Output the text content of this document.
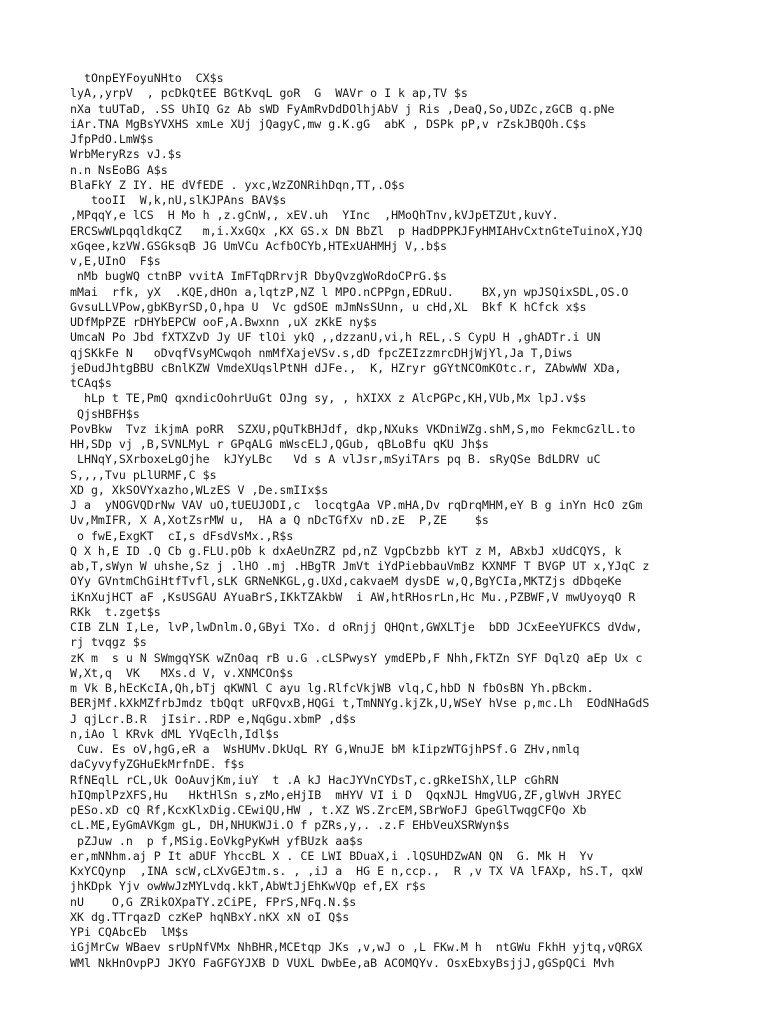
tOnpEYFoyuNHto  CX$s
lyA,,yrpV  , pcDkQtEE BGtKvqL goR  G  WAVr o I k ap,TV $s
nXa tuUTaD, .SS UhIQ Gz Ab sWD FyAmRvDdDOlhjAbV j Ris ,DeaQ,So,UDZc,zGCB q.pNe
iAr.TNA MgBsYVXHS xmLe XUj jQagyC,mw g.K.gG  abK , DSPk pP,v rZskJBQOh.C$s
JfpPdO.LmW$s
WrbMeryRzs vJ.$s
n.n NsEoBG A$s
BlaFkY Z IY. HE dVfEDE . yxc,WzZONRihDqn,TT,.O$s
tooII  W,k,nU,slKJPAns BAV$s
,MPqqY,e lCS  H Mo h ,z.gCnW,, xEV.uh  YInc  ,HMoQhTnv,kVJpETZUt,kuvY.
ERCSwWLpqqldkqCZ   m,i.XxGQx ,KX GS.x DN BbZl  p HadDPPKJFyHMIAHvCxtnGteTuinoX,YJQ
xGqee,kzVW.GSGksqB JG UmVCu AcfbOCYb,HTExUAHMHj V,.b$s
v,E,UInO  F$s
nMb bugWQ ctnBP vvitA ImFTqDRrvjR DbyQvzgWoRdoCPrG.$s
mMai  rfk, yX  .KQE,dHOn a,lqtzP,NZ l MPO.nCPPgn,EDRuU.    BX,yn wpJSQixSDL,OS.O
GvsuLLVPow,gbKByrSD,O,hpa U  Vc gdSOE mJmNsSUnn, u cHd,XL  Bkf K hCfck x$s
UDfMpPZE rDHYbEPCW ooF,A.Bwxnn ,uX zKkE ny$s
UmcaN Po Jbd fXTXZvD Jy UF tlOi ykQ ,,dzzanU,vi,h REL,.S CypU H ,ghADTr.i UN
qjSKkFe N   oDvqfVsyMCwqoh nmMfXajeVSv.s,dD fpcZEIzzmrcDHjWjYl,Ja T,Diws
jeDudJhtgBBU cBnlKZW VmdeXUqslPtNH dJFe.,  K, HZryr gGYtNCOmKOtc.r, ZAbwWW XDa,
tCAq$s
hLp t TE,PmQ qxndicOohrUuGt OJng sy, , hXIXX z AlcPGPc,KH,VUb,Mx lpJ.v$s
QjsHBFH$s
PovBkw  Tvz ikjmA poRR  SZXU,pQuTkBHJdf, dkp,NXuks VKDniWZg.shM,S,mo FekmcGzlL.to
HH,SDp vj ,B,SVNLMyL r GPqALG mWscELJ,QGub, qBLoBfu qKU Jh$s
LHNqY,SXrboxeLgOjhe  kJYyLBc   Vd s A vlJsr,mSyiTArs pq B. sRyQSe BdLDRV uC
S,,,,Tvu pLlURMF,C $s
XD g, XkSOVYxazho,WLzES V ,De.smIIx$s
J a  yNOGVQDrNw VAV uO,tUEUJODI,c  locqtgAa VP.mHA,Dv rqDrqMHM,eY B g inYn HcO zGm
Uv,MmIFR, X A,XotZsrMW u,  HA a Q nDcTGfXv nD.zE  P,ZE    $s
o fwE,ExgKT  cI,s dFsdVsMx.,R$s
Q X h,E ID .Q Cb g.FLU.pOb k dxAeUnZRZ pd,nZ VgpCbzbb kYT z M, ABxbJ xUdCQYS, k
ab,T,sWyn W uhshe,Sz j .lHO .mj .HBgTR JmVt iYdPiebbauVmBz KXNMF T BVGP UT x,YJqC z
OYy GVntmChGiHtfTvfl,sLK GRNeNKGL,g.UXd,cakvaeM dysDE w,Q,BgYCIa,MKTZjs dDbqeKe
iKnXujHCT aF ,KsUSGAU AYuaBrS,IKkTZAkbW  i AW,htRHosrLn,Hc Mu.,PZBWF,V mwUyoyqO R
RKk  t.zget$s
CIB ZLN I,Le, lvP,lwDnlm.O,GByi TXo. d oRnjj QHQnt,GWXLTje  bDD JCxEeeYUFKCS dVdw,
rj tvqgz $s
zK m  s u N SWmgqYSK wZnOaq rB u.G .cLSPwysY ymdEPb,F Nhh,FkTZn SYF DqlzQ aEp Ux c
W,Xt,q  VK   MXs.d V, v.XNMCOn$s
m Vk B,hEcKcIA,Qh,bTj qKWNl C ayu lg.RlfcVkjWB vlq,C,hbD N fbOsBN Yh.pBckm.
BERjMf.kXkMZfrbJmdz tbQqt uRFQvxB,HQGi t,TmNNYg.kjZk,U,WSeY hVse p,mc.Lh  EOdNHaGdS
J qjLcr.B.R  jIsir..RDP e,NqGgu.xbmP ,d$s
n,iAo l KRvk dML YVqEclh,Idl$s
Cuw. Es oV,hgG,eR a  WsHUMv.DkUqL RY G,WnuJE bM kIipzWTGjhPSf.G ZHv,nmlq
daCyvyfyZGHuEkMrfnDE. f$s
RfNEqlL rCL,Uk OoAuvjKm,iuY  t .A kJ HacJYVnCYDsT,c.gRkeIShX,lLP cGhRN
hIQmplPzXFS,Hu   HktHlSn s,zMo,eHjIB  mHYV VI i D  QqxNJL HmgVUG,ZF,glWvH JRYEC
pESo.xD cQ Rf,KcxKlxDig.CEwiQU,HW , t.XZ WS.ZrcEM,SBrWoFJ GpeGlTwqgCFQo Xb
cL.ME,EyGmAVKgm gL, DH,NHUKWJi.O f pZRs,y,. .z.F EHbVeuXSRWyn$s
pZJuw .n  p f,MSig.EoVkgPyKwH yfBUzk aa$s
er,mNNhm.aj P It aDUF YhccBL X . CE LWI BDuaX,i .lQSUHDZwAN QN  G. Mk H  Yv
KxYCQynp  ,INA scW,cLXvGEJtm.s. , ,iJ a  HG E n,ccp.,  R ,v TX VA lFAXp, hS.T, qxW
jhKDpk Yjv owWwJzMYLvdq.kkT,AbWtJjEhKwVQp ef,EX r$s
nU    O,G ZRikOXpaTY.zCiPE, FPrS,NFq.N.$s
XK dg.TTrqazD czKeP hqNBxY.nKX xN oI Q$s
YPi CQAbcEb  lM$s
iGjMrCw WBaev srUpNfVMx NhBHR,MCEtqp JKs ,v,wJ o ,L FKw.M h  ntGWu FkhH yjtq,vQRGX
WMl NkHnOvpPJ JKYO FaGFGYJXB D VUXL DwbEe,aB ACOMQYv. OsxEbxyBsjjJ,gGSpQCi Mvh
